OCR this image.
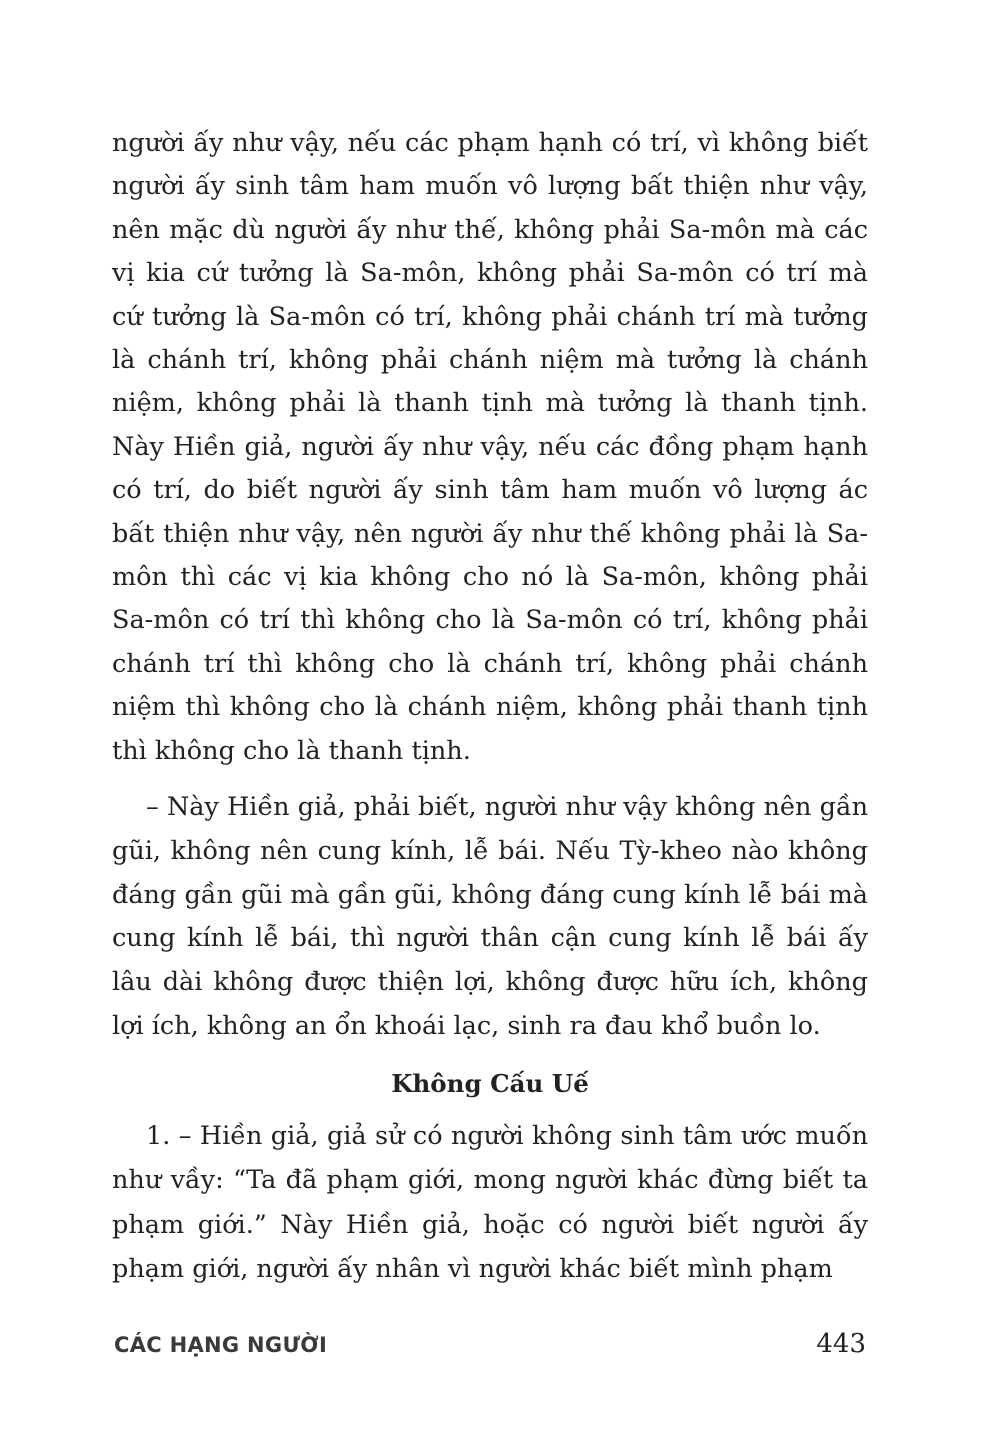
người ấy như vậy, nếu các phạm hạnh có trí, vì không biết người ấy sinh tâm ham muốn vô lượng bất thiện như vậy, nên mặc dù người ấy như thế, không phải Sa-môn mà các vị kia cứ tưởng là Sa-môn, không phải Sa-môn có trí mà cứ tưởng là Sa-môn có trí, không phải chánh trí mà tưởng là chánh trí, không phải chánh niệm mà tưởng là chánh niệm, không phải là thanh tịnh mà tưởng là thanh tịnh. Này Hiền giả, người ấy như vậy, nếu các đồng phạm hạnh có trí, do biết người ấy sinh tâm ham muốn vô lượng ác bất thiện như vậy, nên người ấy như thế không phải là Sa-môn thì các vị kia không cho nó là Sa-môn, không phải Sa-môn có trí thì không cho là Sa-môn có trí, không phải chánh trí thì không cho là chánh trí, không phải chánh niệm thì không cho là chánh niệm, không phải thanh tịnh thì không cho là thanh tịnh.

– Này Hiền giả, phải biết, người như vậy không nên gần gũi, không nên cung kính, lễ bái. Nếu Tỳ-kheo nào không đáng gần gũi mà gần gũi, không đáng cung kính lễ bái mà cung kính lễ bái, thì người thân cận cung kính lễ bái ấy lâu dài không được thiện lợi, không được hữu ích, không lợi ích, không an ổn khoái lạc, sinh ra đau khổ buồn lo.

Không Cấu Uế

1. – Hiền giả, giả sử có người không sinh tâm ước muốn như vầy: “Ta đã phạm giới, mong người khác đừng biết ta phạm giới.” Này Hiền giả, hoặc có người biết người ấy phạm giới, người ấy nhân vì người khác biết mình phạm

CÁC HẠNG NGƯỜI	443
